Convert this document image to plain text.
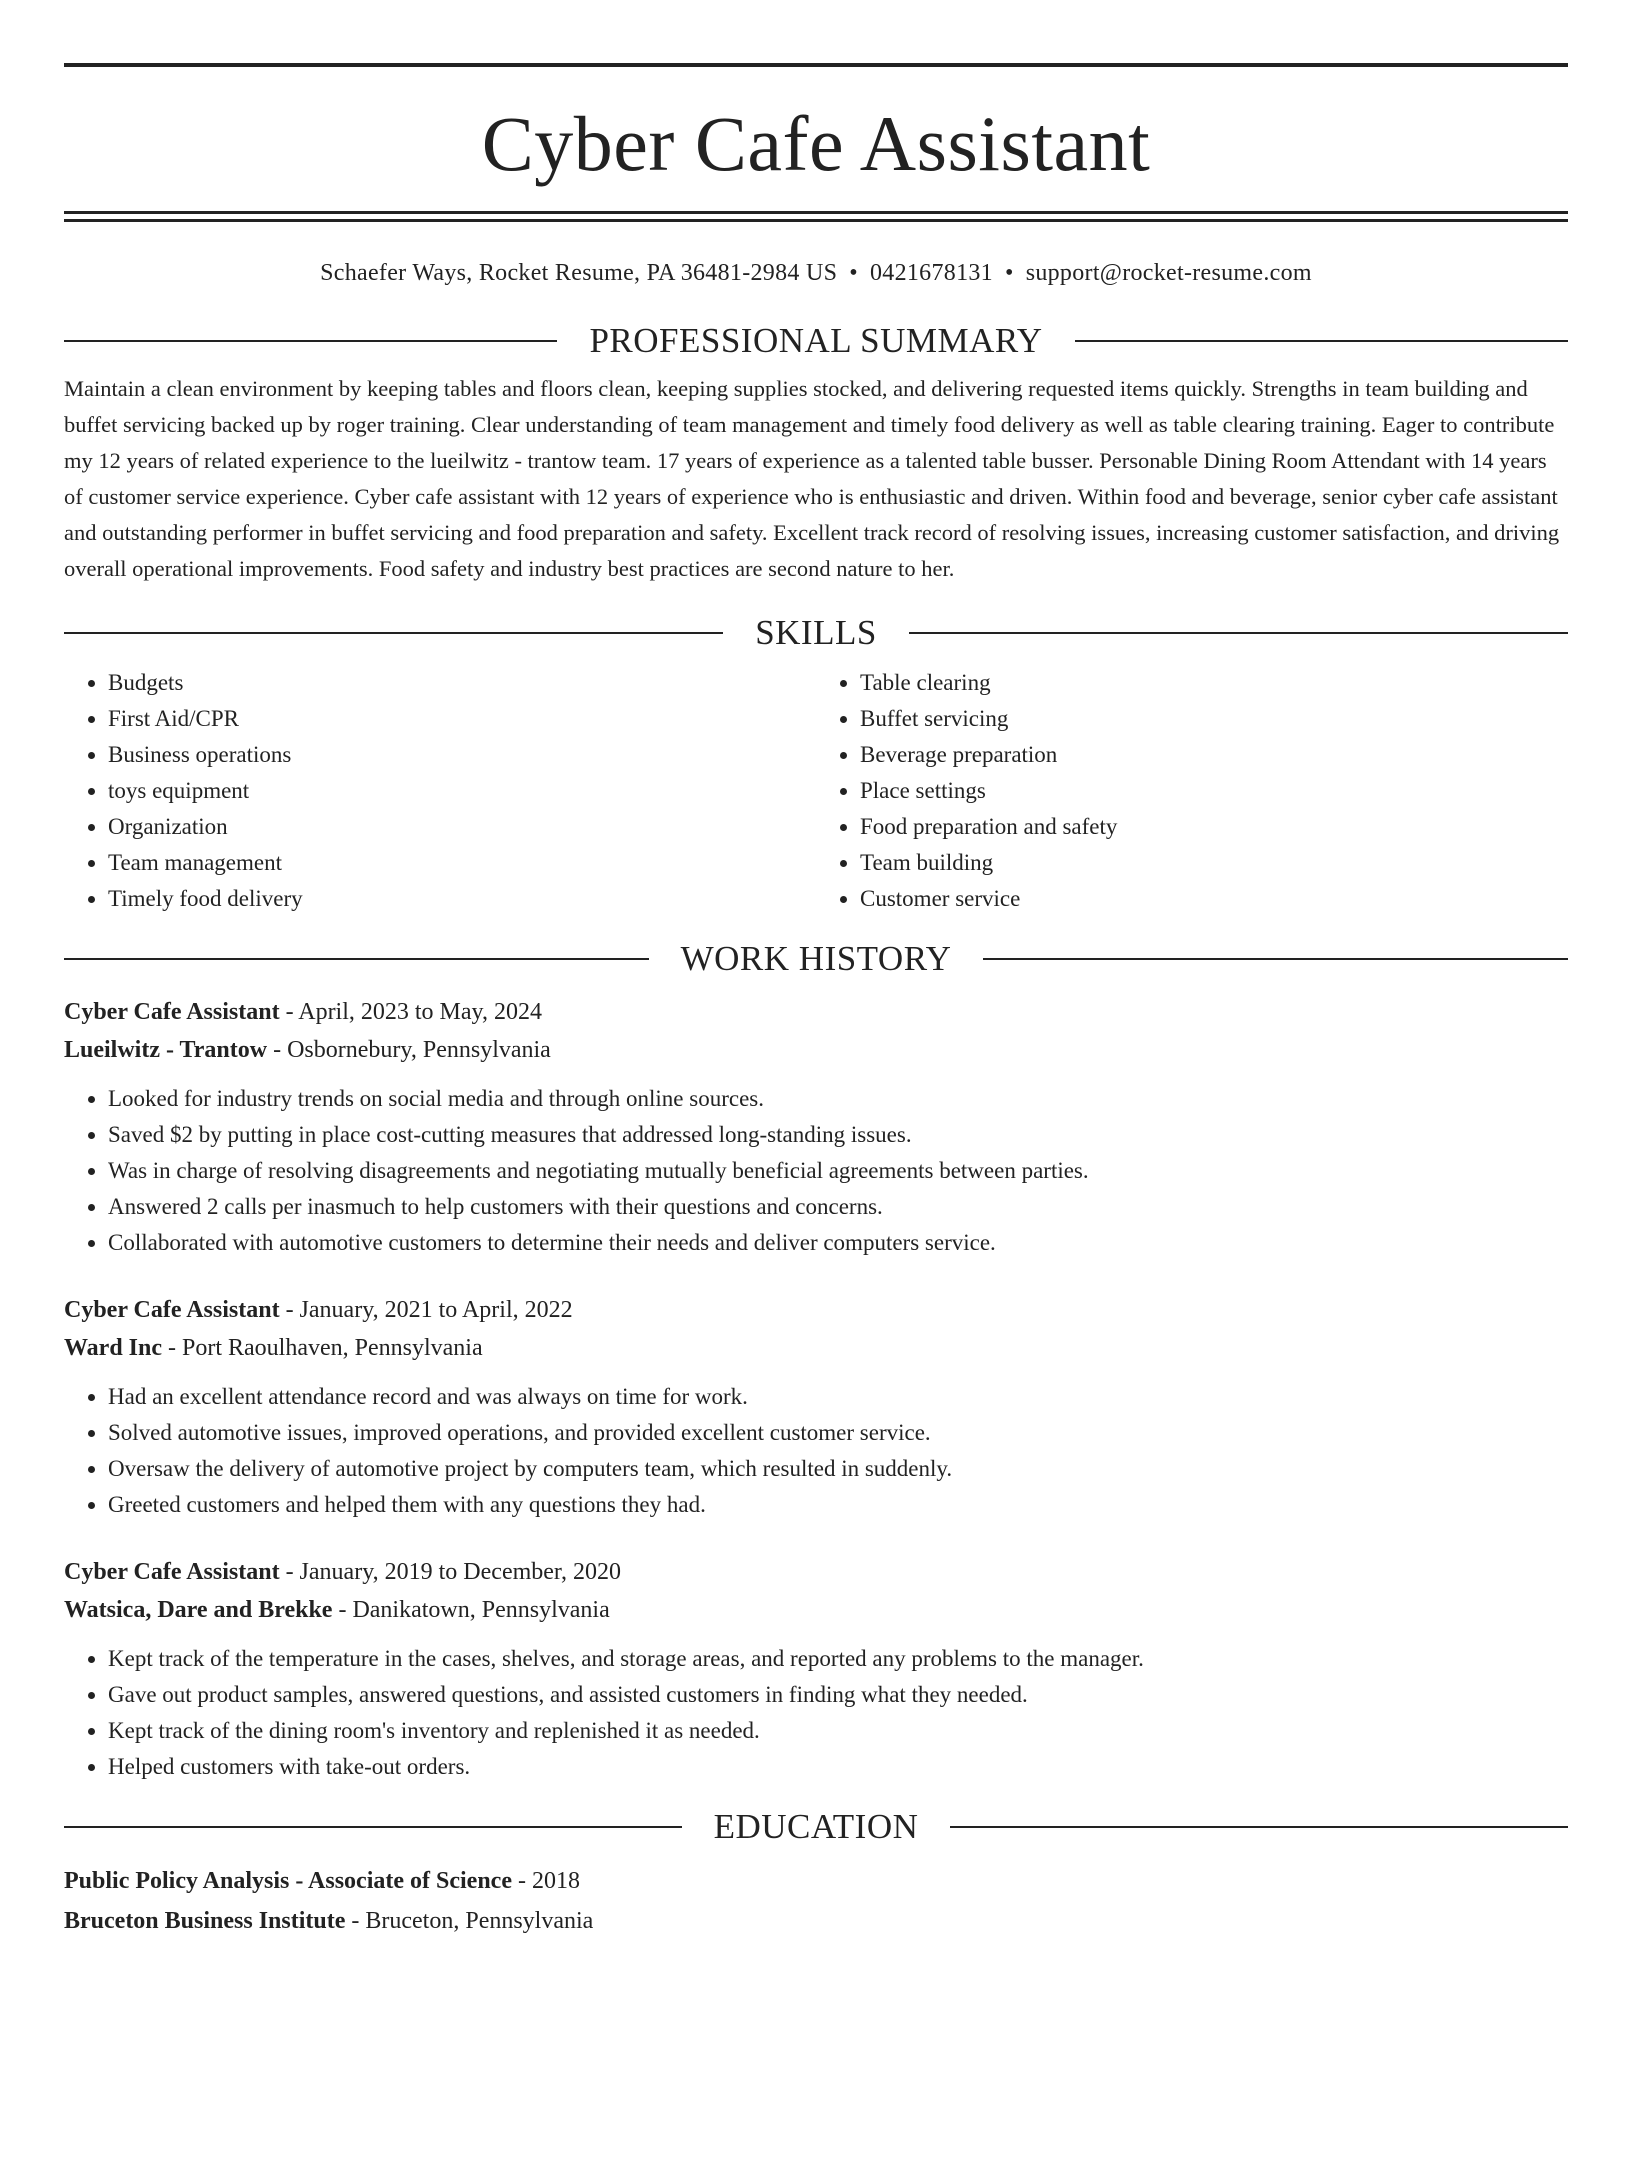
Cyber Cafe Assistant
Schaefer Ways, Rocket Resume, PA 36481-2984 US • 0421678131 • support@rocket-resume.com
PROFESSIONAL SUMMARY
Maintain a clean environment by keeping tables and floors clean, keeping supplies stocked, and delivering requested items quickly. Strengths in team building and buffet servicing backed up by roger training. Clear understanding of team management and timely food delivery as well as table clearing training. Eager to contribute my 12 years of related experience to the lueilwitz - trantow team. 17 years of experience as a talented table busser. Personable Dining Room Attendant with 14 years of customer service experience. Cyber cafe assistant with 12 years of experience who is enthusiastic and driven. Within food and beverage, senior cyber cafe assistant and outstanding performer in buffet servicing and food preparation and safety. Excellent track record of resolving issues, increasing customer satisfaction, and driving overall operational improvements. Food safety and industry best practices are second nature to her.
SKILLS
• Budgets
• First Aid/CPR
• Business operations
• toys equipment
• Organization
• Team management
• Timely food delivery
• Table clearing
• Buffet servicing
• Beverage preparation
• Place settings
• Food preparation and safety
• Team building
• Customer service
WORK HISTORY
Cyber Cafe Assistant - April, 2023 to May, 2024
Lueilwitz - Trantow - Osbornebury, Pennsylvania
• Looked for industry trends on social media and through online sources.
• Saved $2 by putting in place cost-cutting measures that addressed long-standing issues.
• Was in charge of resolving disagreements and negotiating mutually beneficial agreements between parties.
• Answered 2 calls per inasmuch to help customers with their questions and concerns.
• Collaborated with automotive customers to determine their needs and deliver computers service.
Cyber Cafe Assistant - January, 2021 to April, 2022
Ward Inc - Port Raoulhaven, Pennsylvania
• Had an excellent attendance record and was always on time for work.
• Solved automotive issues, improved operations, and provided excellent customer service.
• Oversaw the delivery of automotive project by computers team, which resulted in suddenly.
• Greeted customers and helped them with any questions they had.
Cyber Cafe Assistant - January, 2019 to December, 2020
Watsica, Dare and Brekke - Danikatown, Pennsylvania
• Kept track of the temperature in the cases, shelves, and storage areas, and reported any problems to the manager.
• Gave out product samples, answered questions, and assisted customers in finding what they needed.
• Kept track of the dining room's inventory and replenished it as needed.
• Helped customers with take-out orders.
EDUCATION
Public Policy Analysis - Associate of Science - 2018
Bruceton Business Institute - Bruceton, Pennsylvania
